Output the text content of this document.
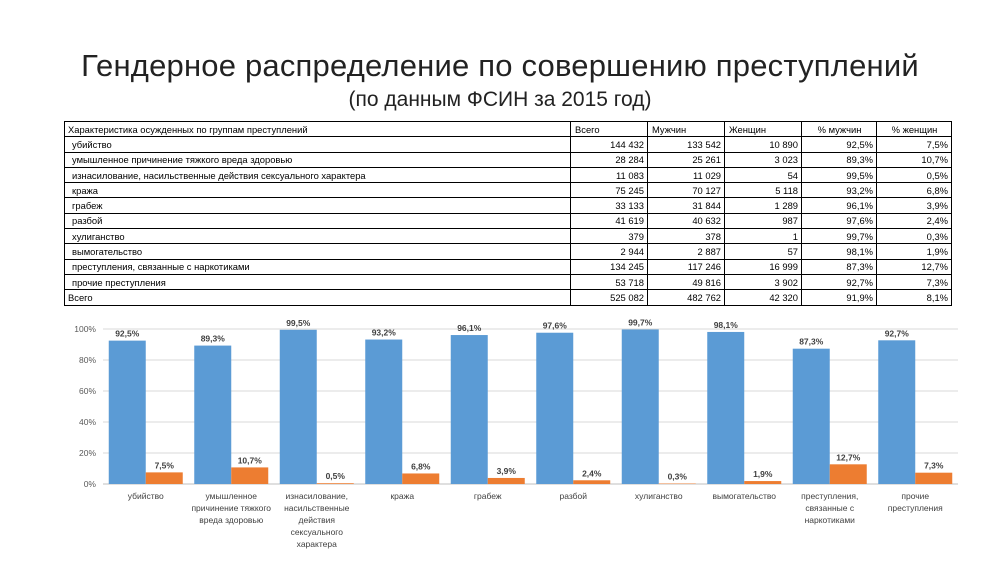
Гендерное распределение по совершению преступлений
(по данным ФСИН за 2015 год)
Характеристика осужденных по группам преступлений	Всего	Мужчин	Женщин	% мужчин	% женщин
убийство	144 432	133 542	10 890	92,5%	7,5%
умышленное причинение тяжкого вреда здоровью	28 284	25 261	3 023	89,3%	10,7%
изнасилование, насильственные действия сексуального характера	11 083	11 029	54	99,5%	0,5%
кража	75 245	70 127	5 118	93,2%	6,8%
грабеж	33 133	31 844	1 289	96,1%	3,9%
разбой	41 619	40 632	987	97,6%	2,4%
хулиганство	379	378	1	99,7%	0,3%
вымогательство	2 944	2 887	57	98,1%	1,9%
преступления, связанные с наркотиками	134 245	117 246	16 999	87,3%	12,7%
прочие преступления	53 718	49 816	3 902	92,7%	7,3%
Всего	525 082	482 762	42 320	91,9%	8,1%
0%
20%
40%
60%
80%
100% 92,5%
7,5%
убийство
89,3%
10,7%
умышленное
причинение тяжкого
вреда здоровью
99,5%
0,5%
изнасилование,
насильственные
действия
сексуального
характера
93,2%
6,8%
кража
96,1%
3,9%
грабеж
97,6%
2,4%
разбой
99,7%
0,3%
хулиганство
98,1%
1,9%
вымогательство
87,3%
12,7%
преступления,
связанные с
наркотиками
92,7%
7,3%
прочие
преступления
